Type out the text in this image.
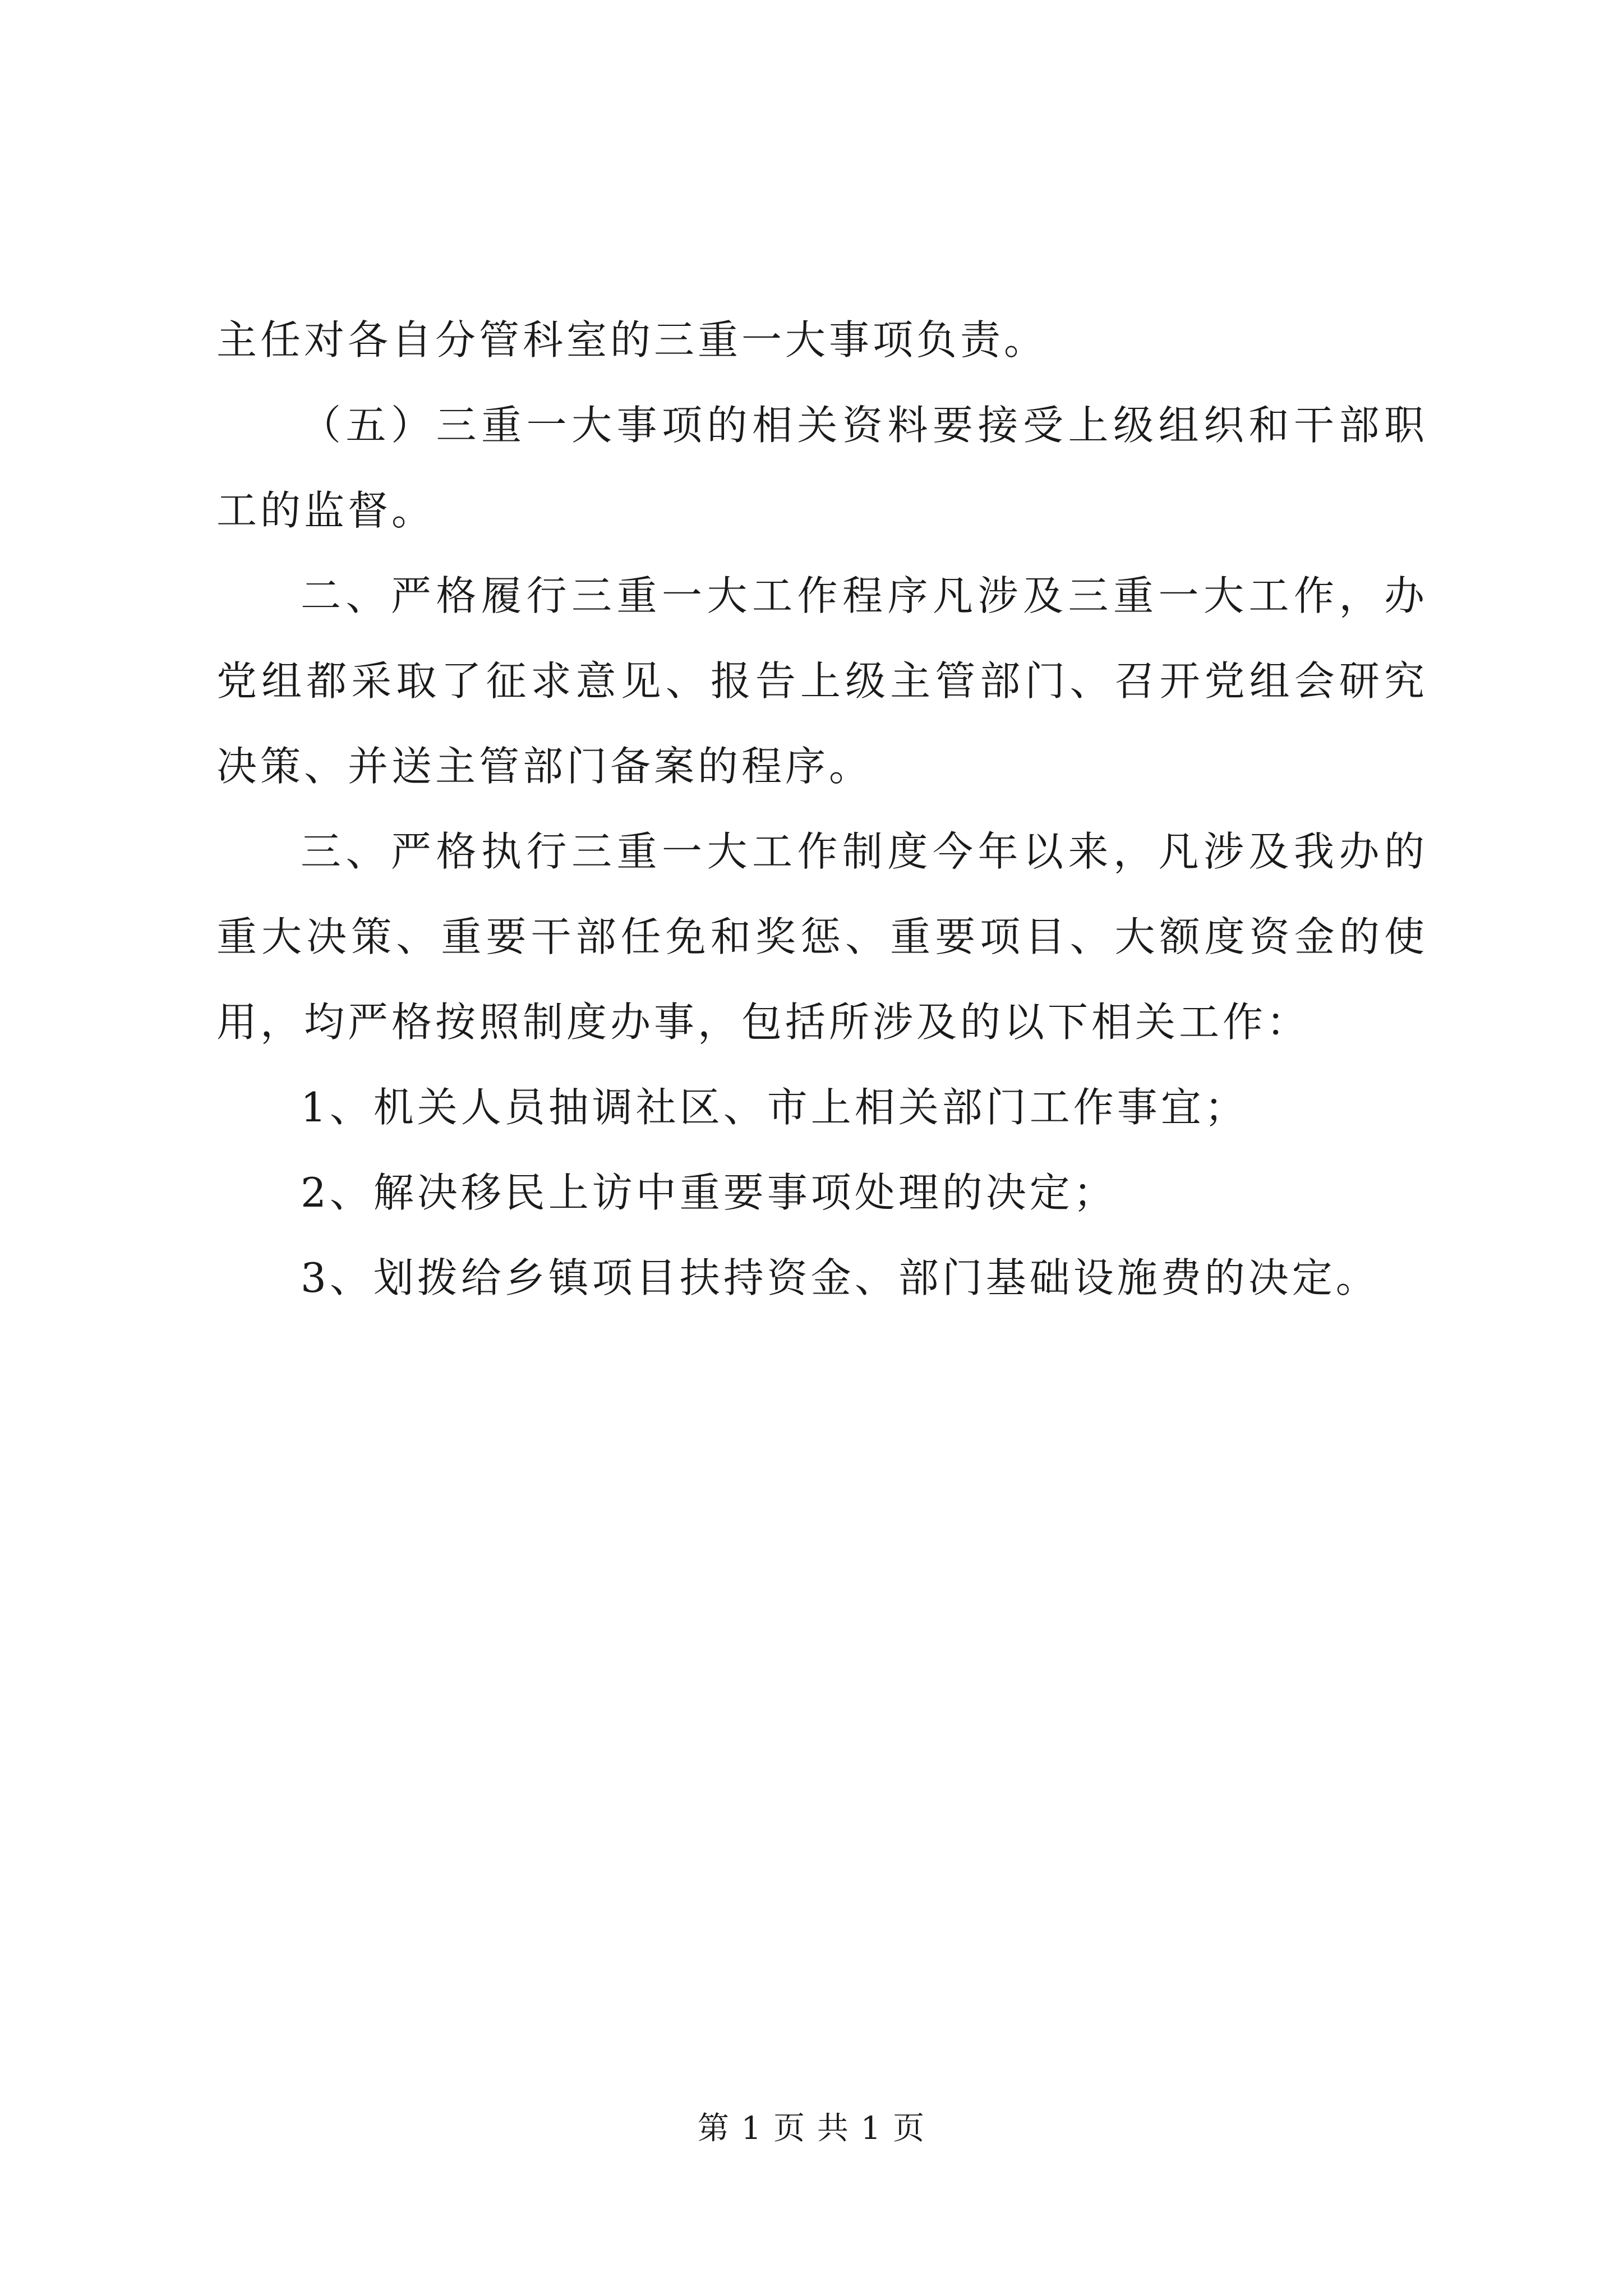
主任对各自分管科室的三重一大事项负责。

（五）三重一大事项的相关资料要接受上级组织和干部职工的监督。

二、严格履行三重一大工作程序凡涉及三重一大工作，办党组都采取了征求意见、报告上级主管部门、召开党组会研究决策、并送主管部门备案的程序。

三、严格执行三重一大工作制度今年以来，凡涉及我办的重大决策、重要干部任免和奖惩、重要项目、大额度资金的使用，均严格按照制度办事，包括所涉及的以下相关工作：

1、机关人员抽调社区、市上相关部门工作事宜；

2、解决移民上访中重要事项处理的决定；

3、划拨给乡镇项目扶持资金、部门基础设施费的决定。

第 1 页 共 1 页
